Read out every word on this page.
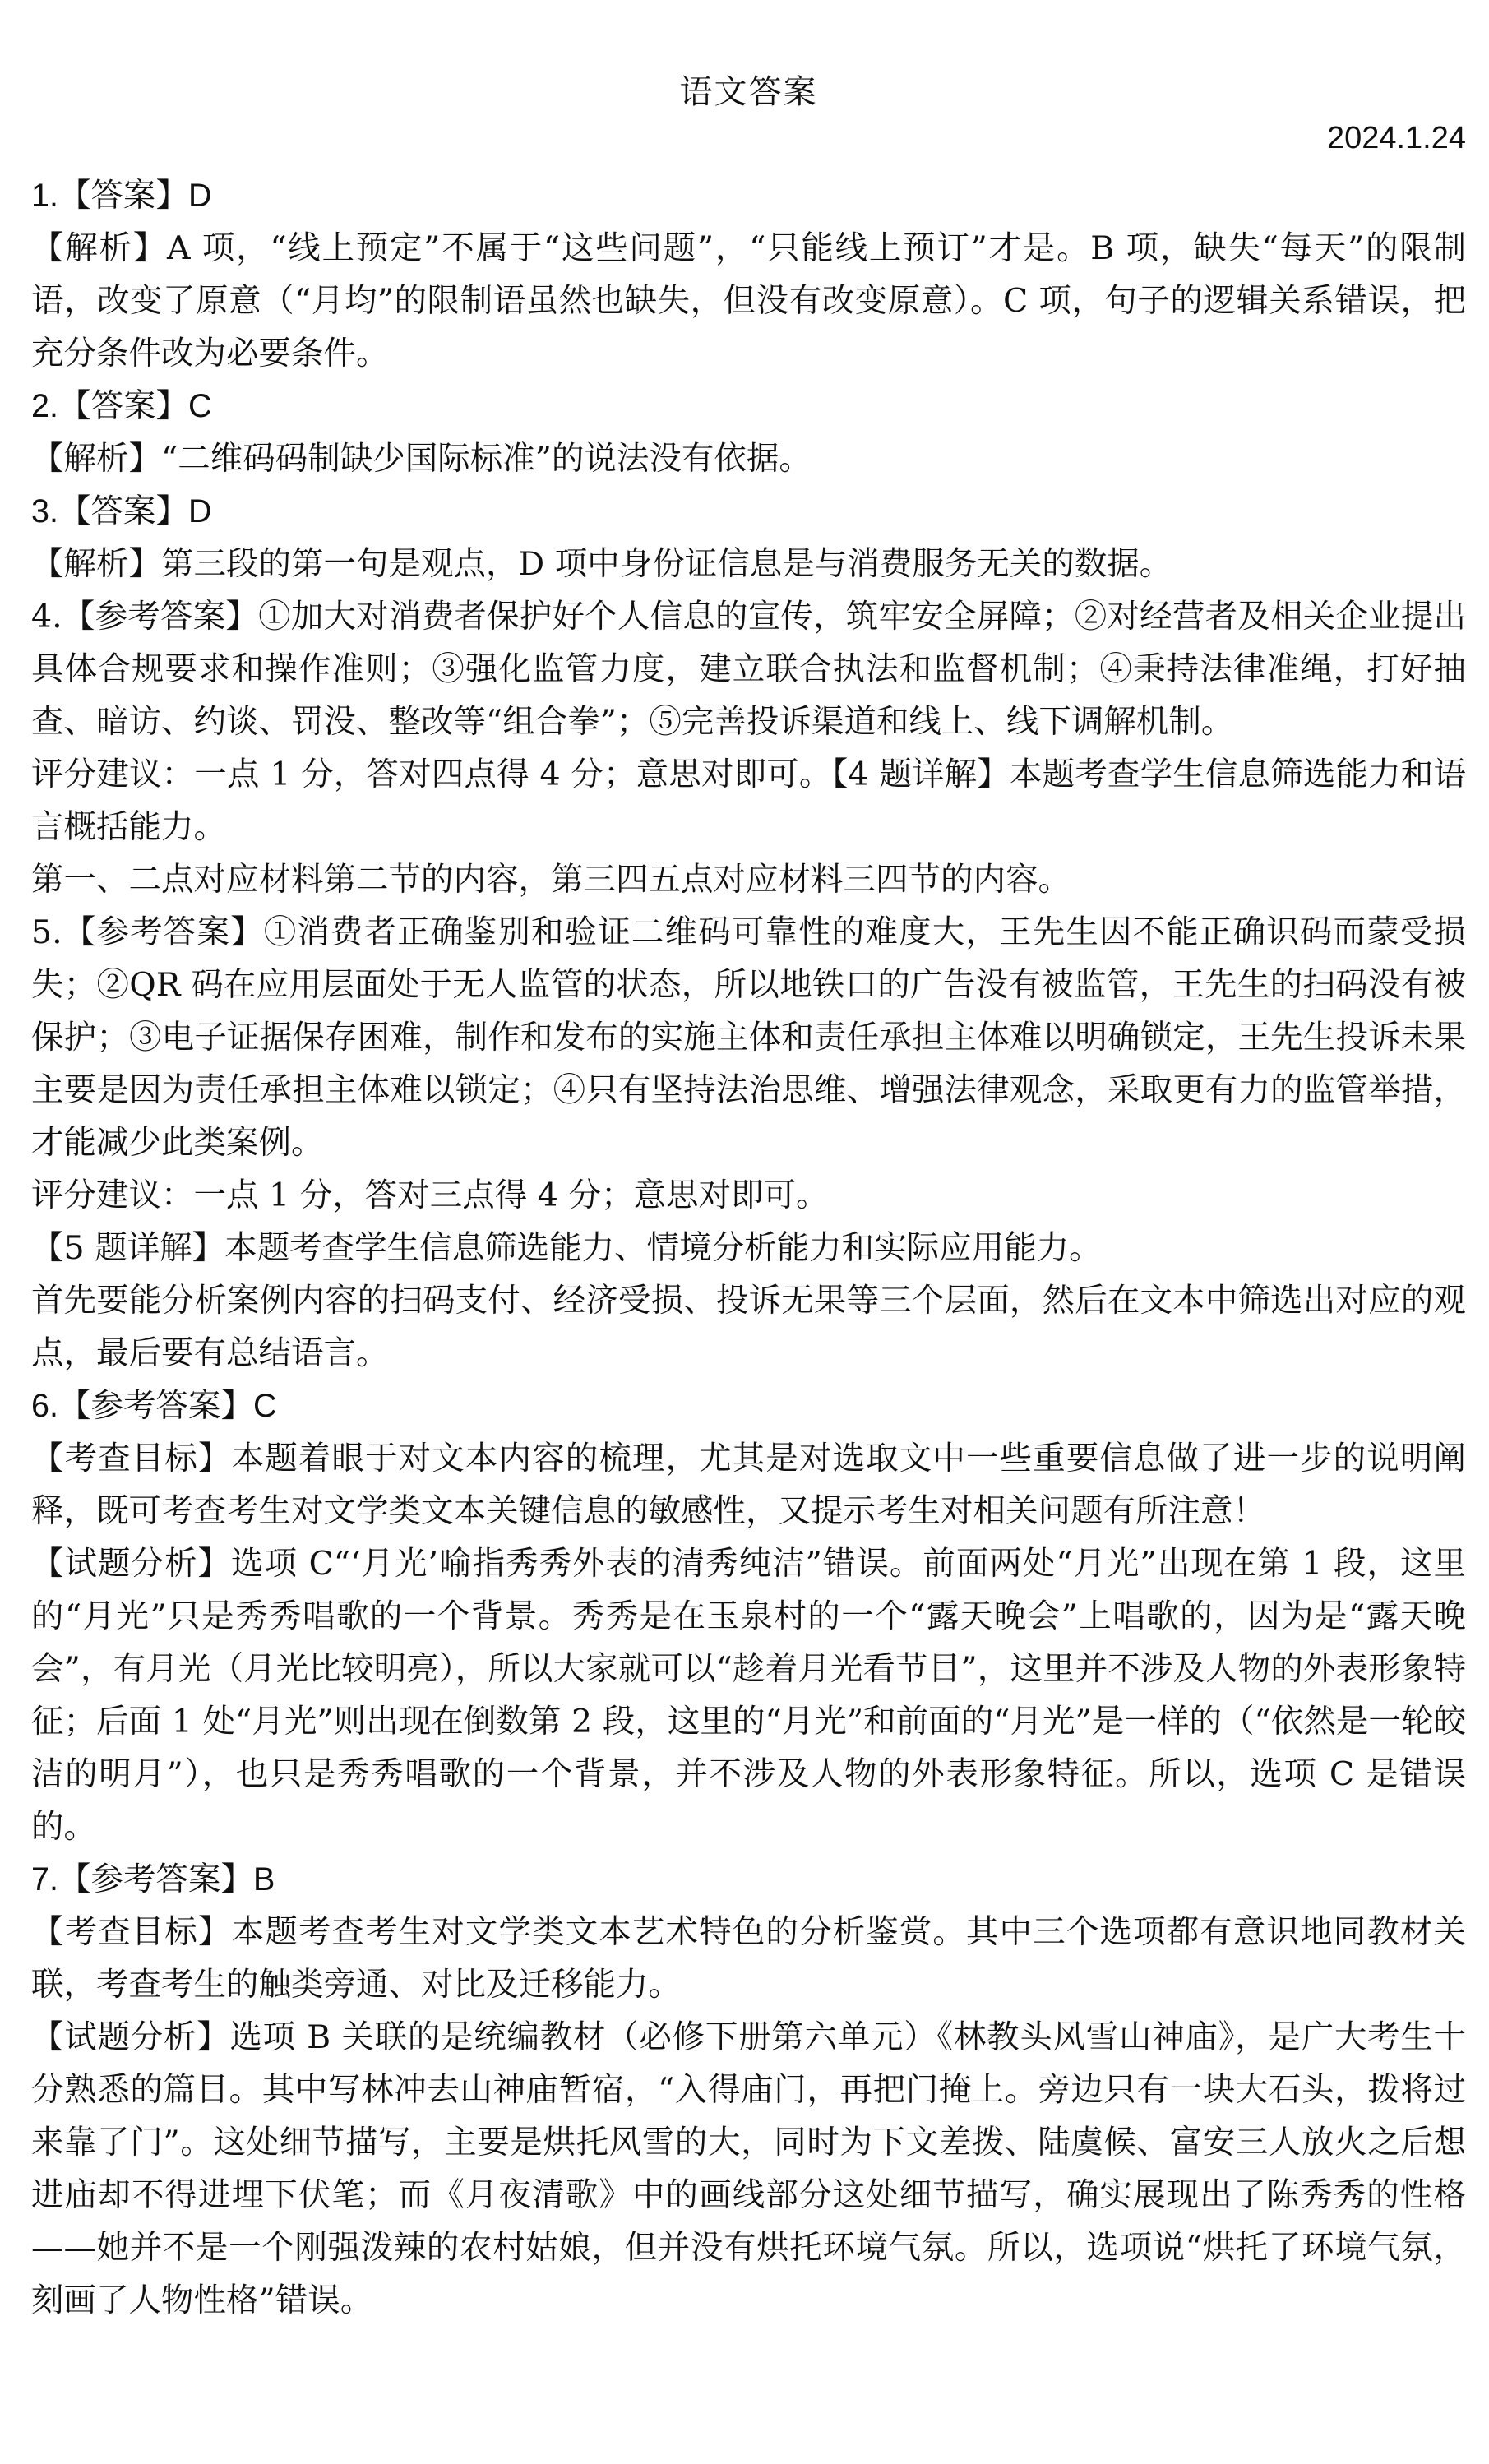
语文答案
2024.1.24

1.【答案】D

【解析】A 项，“线上预定”不属于“这些问题”，“只能线上预订”才是。B 项，缺失“每天”的限制语，改变了原意（“月均”的限制语虽然也缺失，但没有改变原意）。C 项，句子的逻辑关系错误，把充分条件改为必要条件。

2.【答案】C

【解析】“二维码码制缺少国际标准”的说法没有依据。

3.【答案】D

【解析】第三段的第一句是观点，D 项中身份证信息是与消费服务无关的数据。

4.【参考答案】①加大对消费者保护好个人信息的宣传，筑牢安全屏障；②对经营者及相关企业提出具体合规要求和操作准则；③强化监管力度，建立联合执法和监督机制；④秉持法律准绳，打好抽查、暗访、约谈、罚没、整改等“组合拳”；⑤完善投诉渠道和线上、线下调解机制。

评分建议：一点 1 分，答对四点得 4 分；意思对即可。【4 题详解】本题考查学生信息筛选能力和语言概括能力。

第一、二点对应材料第二节的内容，第三四五点对应材料三四节的内容。

5.【参考答案】①消费者正确鉴别和验证二维码可靠性的难度大，王先生因不能正确识码而蒙受损失；②QR 码在应用层面处于无人监管的状态，所以地铁口的广告没有被监管，王先生的扫码没有被保护；③电子证据保存困难，制作和发布的实施主体和责任承担主体难以明确锁定，王先生投诉未果主要是因为责任承担主体难以锁定；④只有坚持法治思维、增强法律观念，采取更有力的监管举措，才能减少此类案例。

评分建议：一点 1 分，答对三点得 4 分；意思对即可。

【5 题详解】本题考查学生信息筛选能力、情境分析能力和实际应用能力。

首先要能分析案例内容的扫码支付、经济受损、投诉无果等三个层面，然后在文本中筛选出对应的观点，最后要有总结语言。

6.【参考答案】C

【考查目标】本题着眼于对文本内容的梳理，尤其是对选取文中一些重要信息做了进一步的说明阐释，既可考查考生对文学类文本关键信息的敏感性，又提示考生对相关问题有所注意！

【试题分析】选项 C“‘月光’喻指秀秀外表的清秀纯洁”错误。前面两处“月光”出现在第 1 段，这里的“月光”只是秀秀唱歌的一个背景。秀秀是在玉泉村的一个“露天晚会”上唱歌的，因为是“露天晚会”，有月光（月光比较明亮），所以大家就可以“趁着月光看节目”，这里并不涉及人物的外表形象特征；后面 1 处“月光”则出现在倒数第 2 段，这里的“月光”和前面的“月光”是一样的（“依然是一轮皎洁的明月”），也只是秀秀唱歌的一个背景，并不涉及人物的外表形象特征。所以，选项 C 是错误的。

7.【参考答案】B

【考查目标】本题考查考生对文学类文本艺术特色的分析鉴赏。其中三个选项都有意识地同教材关联，考查考生的触类旁通、对比及迁移能力。

【试题分析】选项 B 关联的是统编教材（必修下册第六单元）《林教头风雪山神庙》，是广大考生十分熟悉的篇目。其中写林冲去山神庙暂宿，“入得庙门，再把门掩上。旁边只有一块大石头，拨将过来靠了门”。这处细节描写，主要是烘托风雪的大，同时为下文差拨、陆虞候、富安三人放火之后想进庙却不得进埋下伏笔；而《月夜清歌》中的画线部分这处细节描写，确实展现出了陈秀秀的性格——她并不是一个刚强泼辣的农村姑娘，但并没有烘托环境气氛。所以，选项说“烘托了环境气氛，刻画了人物性格”错误。
